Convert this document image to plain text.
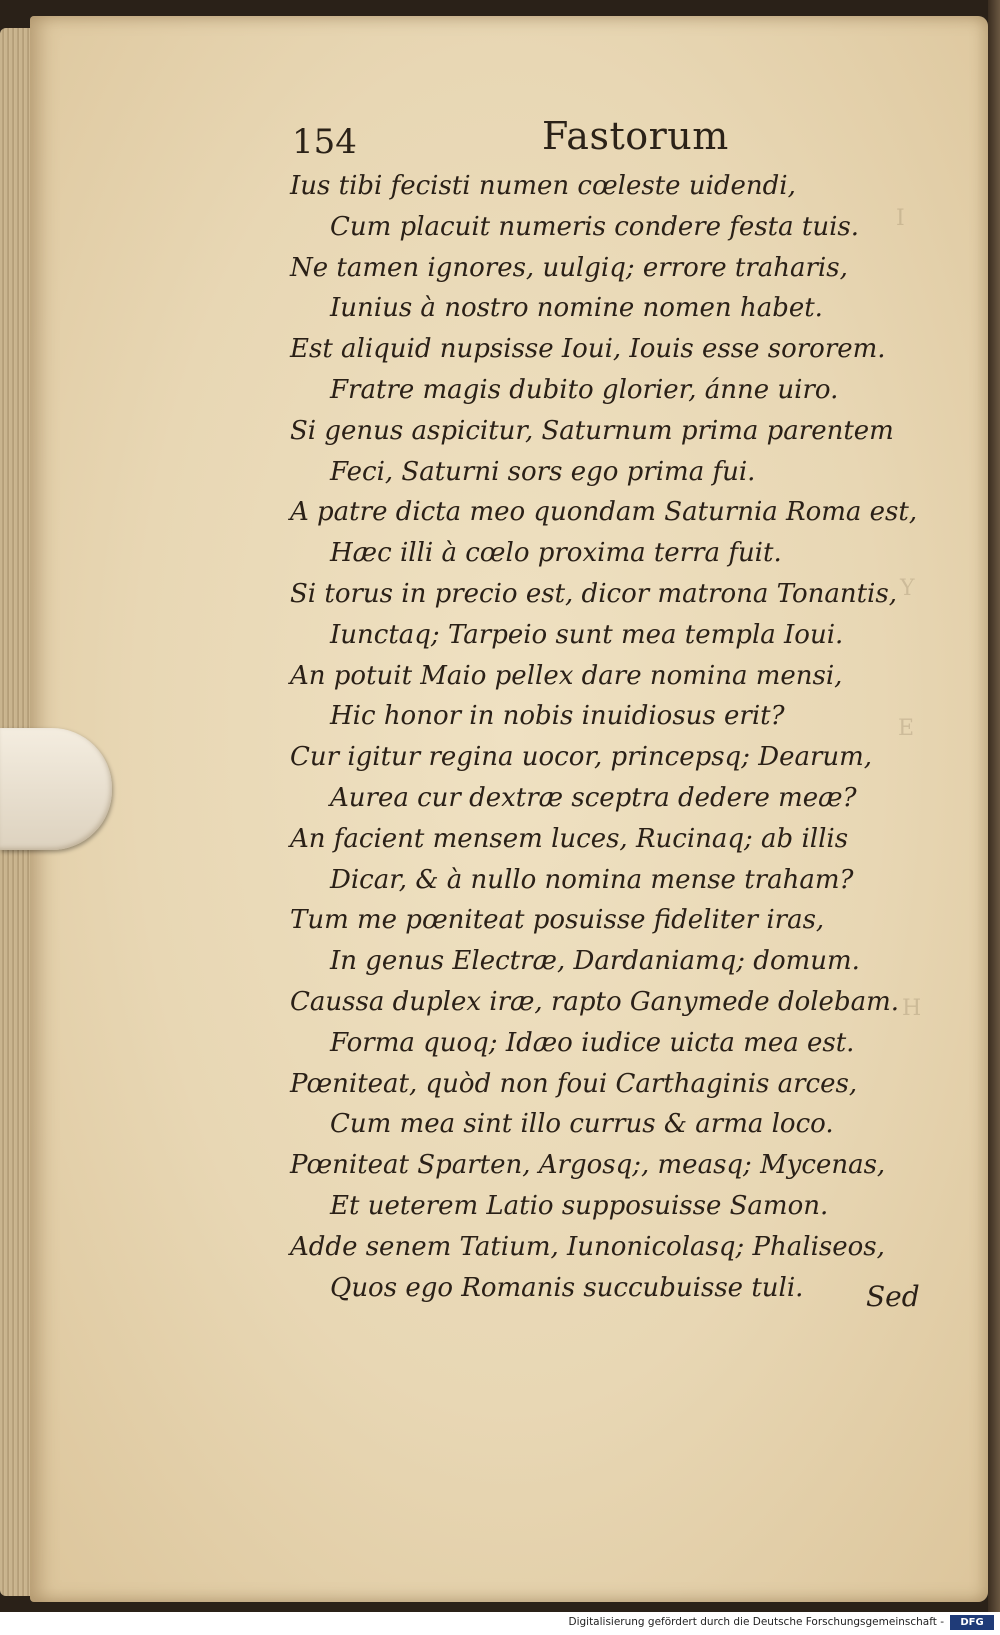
I
Y
E
H
154	Fastorum
Ius tibi fecisti numen cœleste uidendi,
Cum placuit numeris condere festa tuis.
Ne tamen ignores, uulgiq; errore traharis,
Iunius à nostro nomine nomen habet.
Est aliquid nupsisse Ioui, Iouis esse sororem.
Fratre magis dubito glorier, ánne uiro.
Si genus aspicitur, Saturnum prima parentem
Feci, Saturni sors ego prima fui.
A patre dicta meo quondam Saturnia Roma est,
Hæc illi à cœlo proxima terra fuit.
Si torus in precio est, dicor matrona Tonantis,
Iunctaq; Tarpeio sunt mea templa Ioui.
An potuit Maio pellex dare nomina mensi,
Hic honor in nobis inuidiosus erit?
Cur igitur regina uocor, princepsq; Dearum,
Aurea cur dextræ sceptra dedere meæ?
An facient mensem luces, Rucinaq; ab illis
Dicar, & à nullo nomina mense traham?
Tum me pœniteat posuisse fideliter iras,
In genus Electræ, Dardaniamq; domum.
Caussa duplex iræ, rapto Ganymede dolebam.
Forma quoq; Idæo iudice uicta mea est.
Pœniteat, quòd non foui Carthaginis arces,
Cum mea sint illo currus & arma loco.
Pœniteat Sparten, Argosq;, measq; Mycenas,
Et ueterem Latio supposuisse Samon.
Adde senem Tatium, Iunonicolasq; Phaliseos,
Quos ego Romanis succubuisse tuli.	Sed
Digitalisierung gefördert durch die Deutsche Forschungsgemeinschaft -	DFG
